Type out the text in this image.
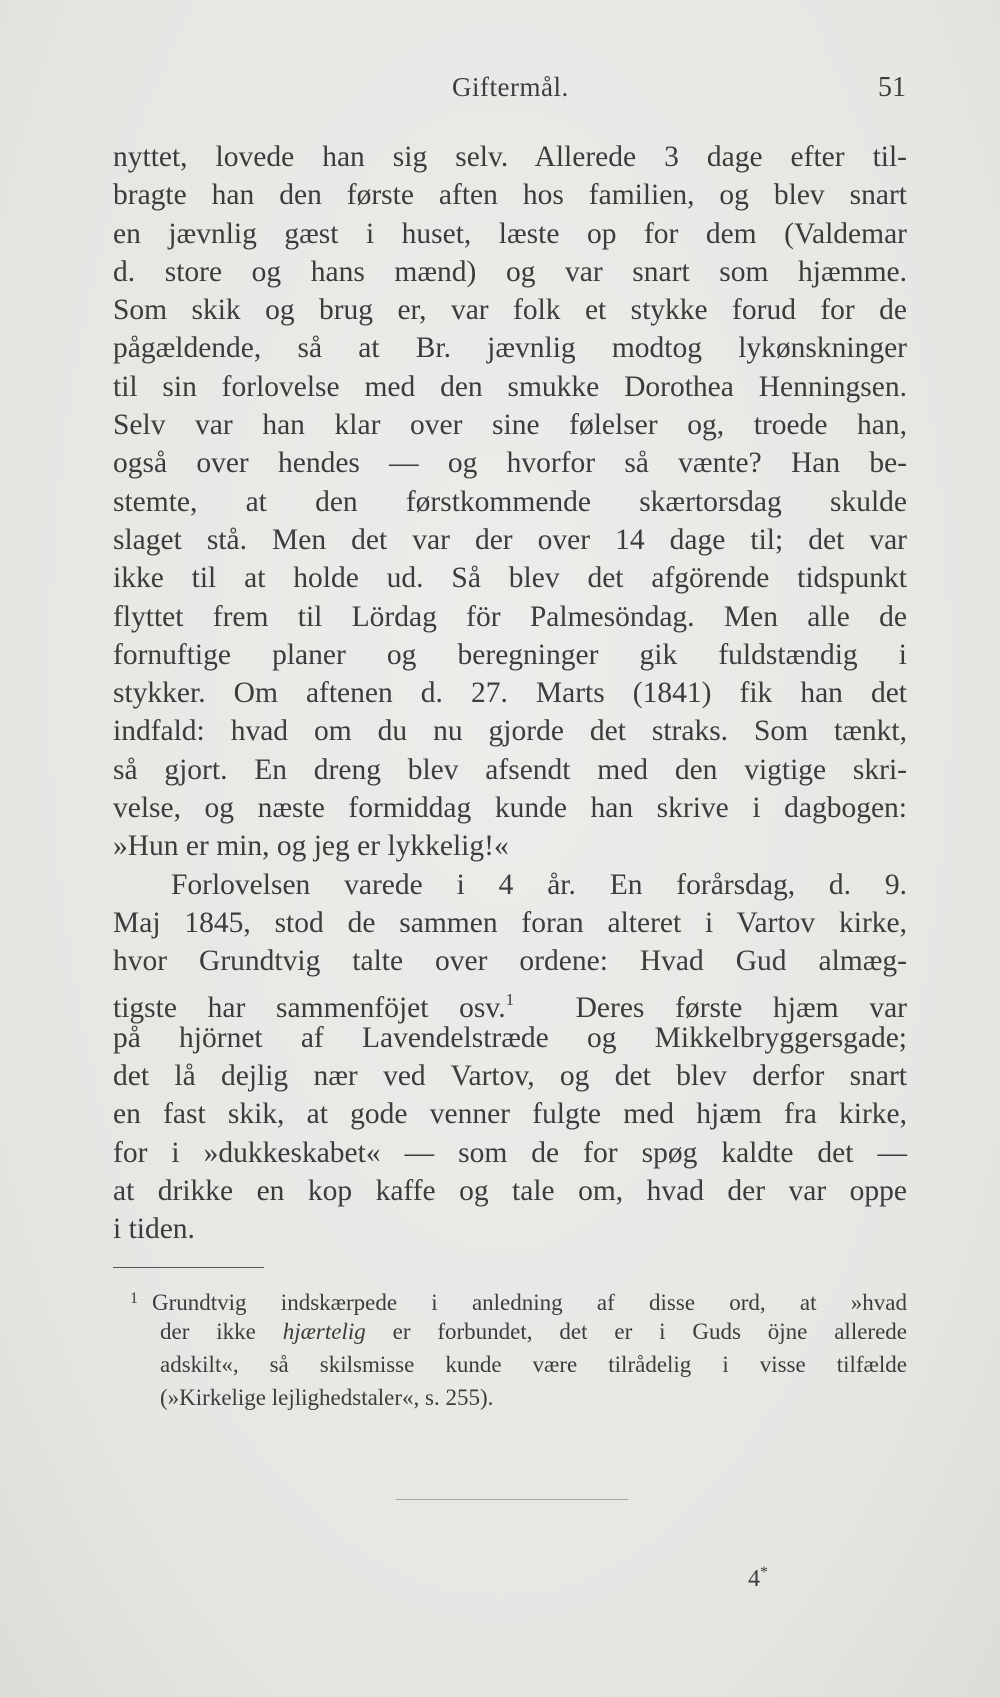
Giftermål.	51
nyttet, lovede han sig selv. Allerede 3 dage efter til-
bragte han den første aften hos familien, og blev snart
en jævnlig gæst i huset, læste op for dem (Valdemar
d. store og hans mænd) og var snart som hjæmme.
Som skik og brug er, var folk et stykke forud for de
pågældende, så at Br. jævnlig modtog lykønskninger
til sin forlovelse med den smukke Dorothea Henningsen.
Selv var han klar over sine følelser og, troede han,
også over hendes — og hvorfor så vænte? Han be-
stemte, at den førstkommende skærtorsdag skulde
slaget stå. Men det var der over 14 dage til; det var
ikke til at holde ud. Så blev det afgörende tidspunkt
flyttet frem til Lördag för Palmesöndag. Men alle de
fornuftige planer og beregninger gik fuldstændig i
stykker. Om aftenen d. 27. Marts (1841) fik han det
indfald: hvad om du nu gjorde det straks. Som tænkt,
så gjort. En dreng blev afsendt med den vigtige skri-
velse, og næste formiddag kunde han skrive i dagbogen:
»Hun er min, og jeg er lykkelig!«
Forlovelsen varede i 4 år. En forårsdag, d. 9.
Maj 1845, stod de sammen foran alteret i Vartov kirke,
hvor Grundtvig talte over ordene: Hvad Gud almæg-
tigste har sammenföjet osv.$^1$ Deres første hjæm var
på hjörnet af Lavendelstræde og Mikkelbryggersgade;
det lå dejlig nær ved Vartov, og det blev derfor snart
en fast skik, at gode venner fulgte med hjæm fra kirke,
for i »dukkeskabet« — som de for spøg kaldte det —
at drikke en kop kaffe og tale om, hvad der var oppe
i tiden.
$^1$ Grundtvig indskærpede i anledning af disse ord, at »hvad
der ikke hjærtelig er forbundet, det er i Guds öjne allerede
adskilt«, så skilsmisse kunde være tilrådelig i visse tilfælde
(»Kirkelige lejlighedstaler«, s. 255).
4*
